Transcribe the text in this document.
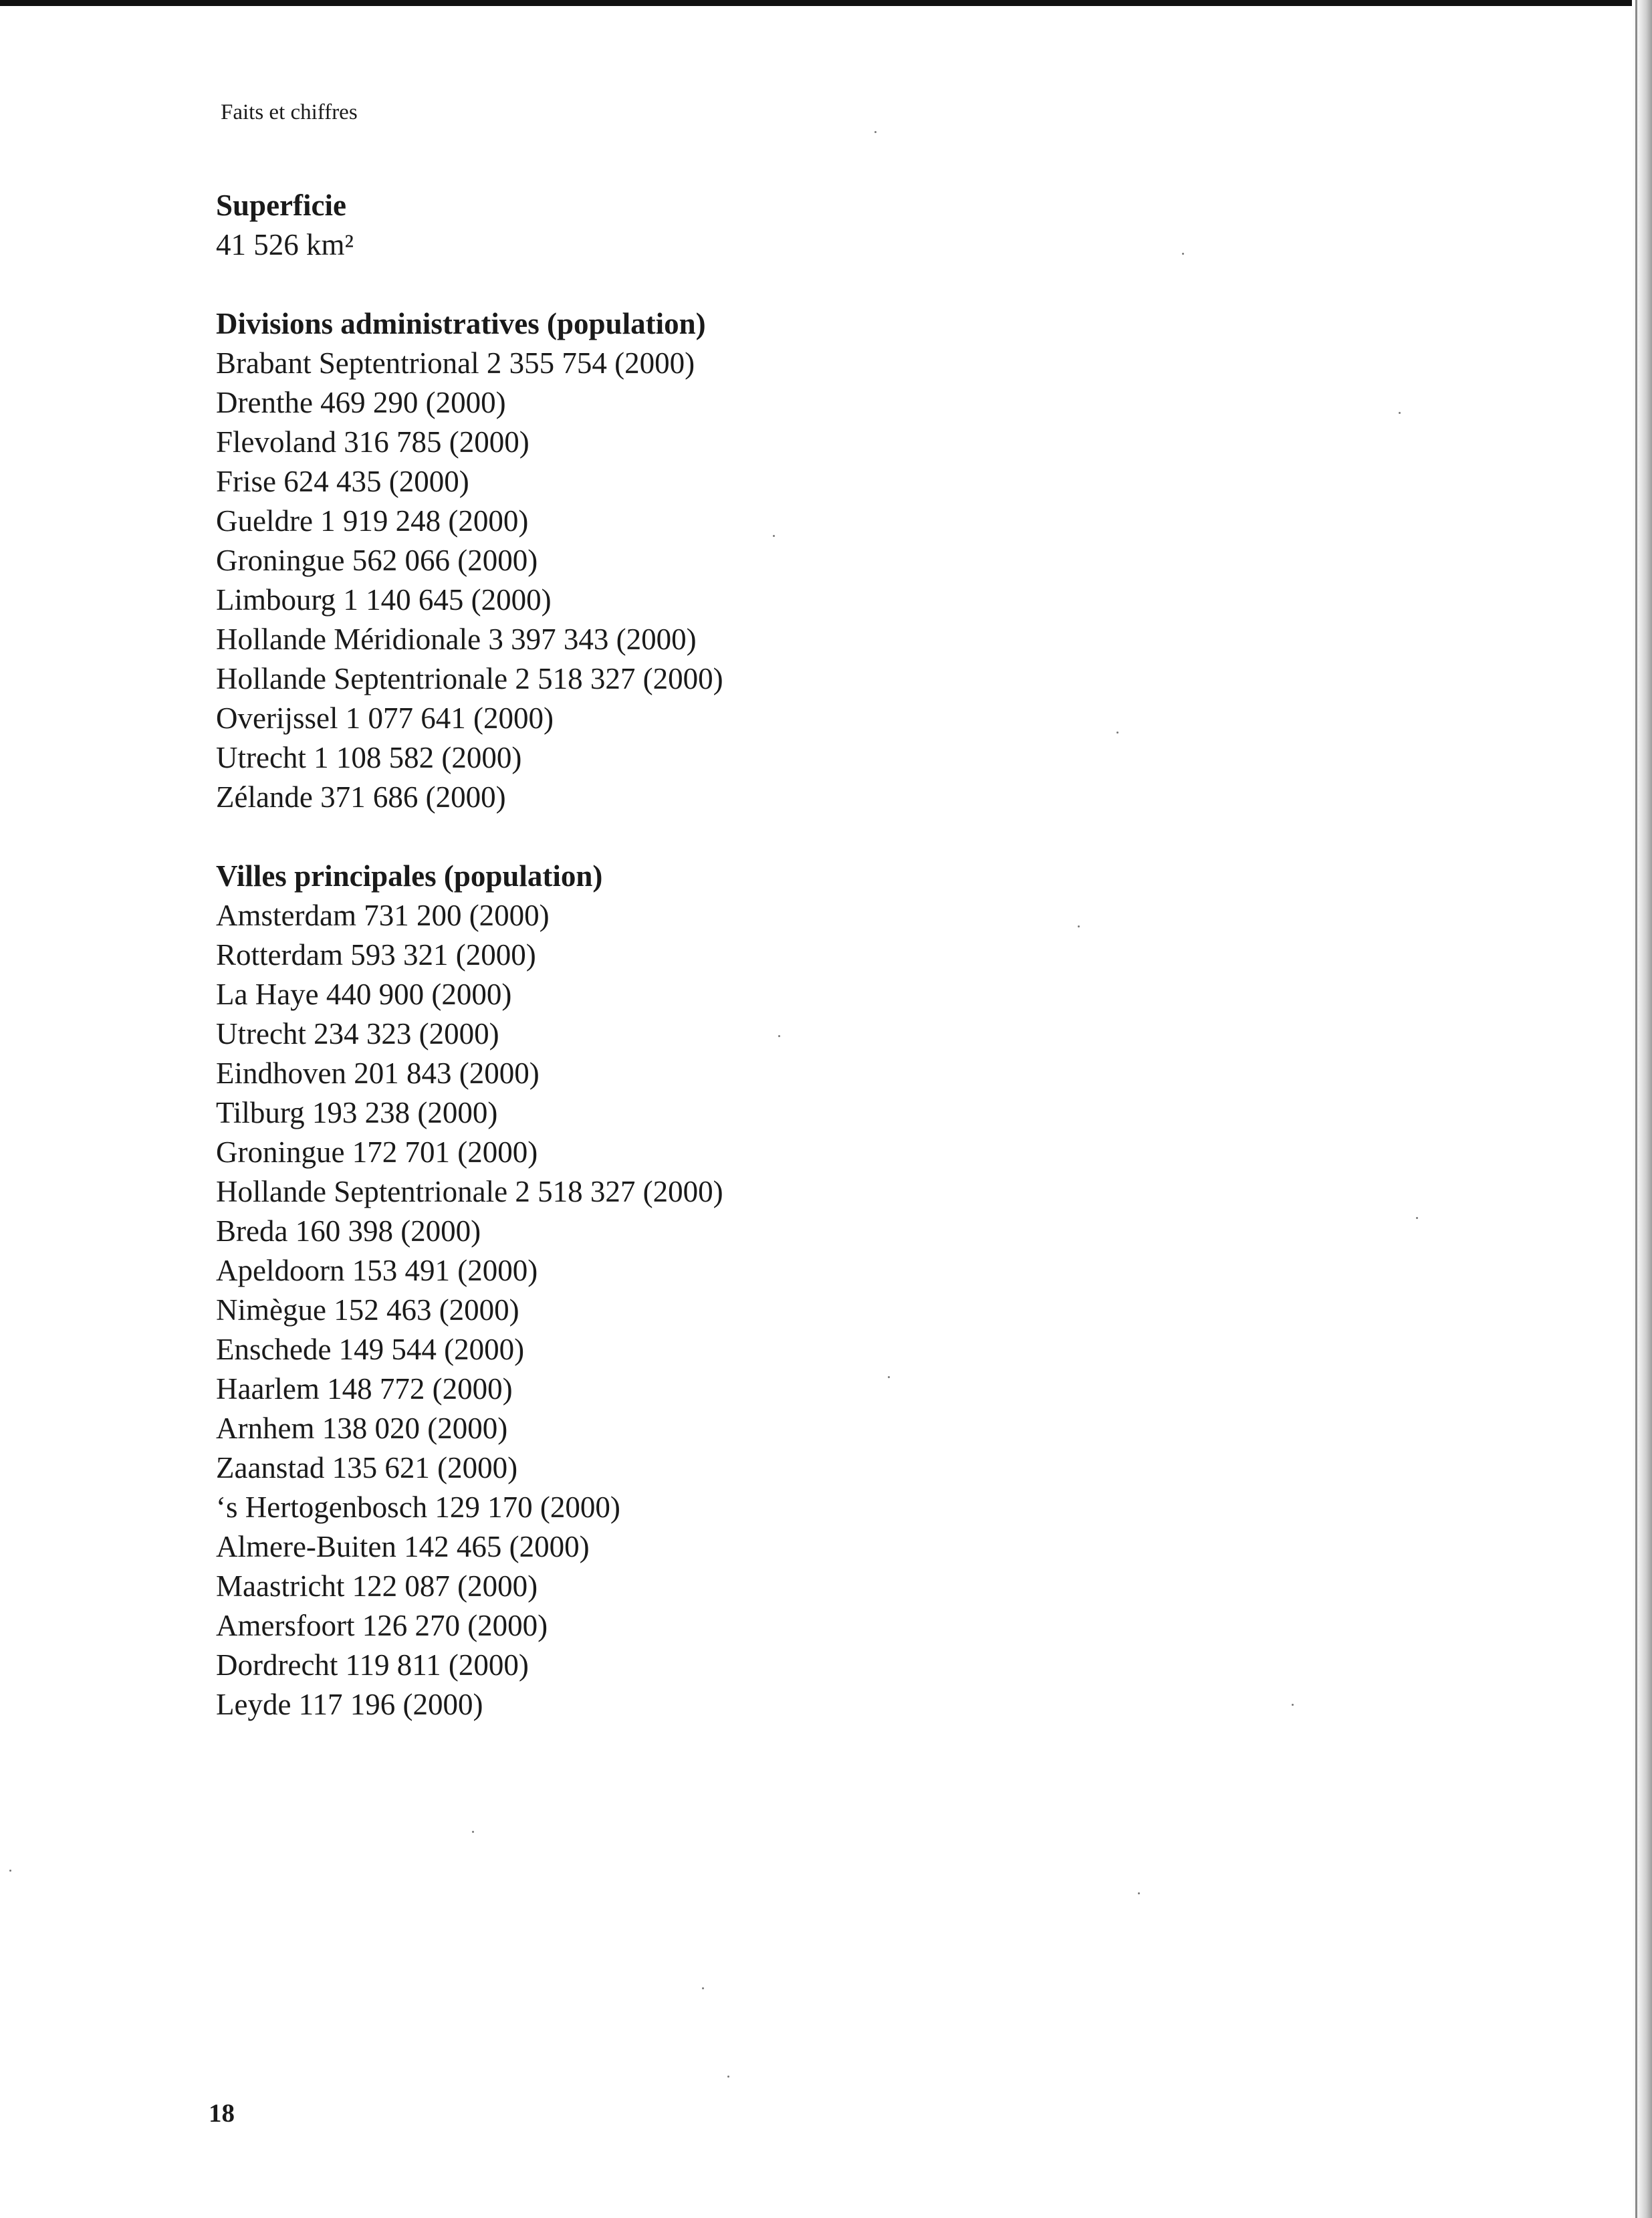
Faits et chiffres
Superficie
41 526 km²
Divisions administratives (population)
Brabant Septentrional 2 355 754 (2000)
Drenthe 469 290 (2000)
Flevoland 316 785 (2000)
Frise 624 435 (2000)
Gueldre 1 919 248 (2000)
Groningue 562 066 (2000)
Limbourg 1 140 645 (2000)
Hollande Méridionale 3 397 343 (2000)
Hollande Septentrionale 2 518 327 (2000)
Overijssel 1 077 641 (2000)
Utrecht 1 108 582 (2000)
Zélande 371 686 (2000)
Villes principales (population)
Amsterdam 731 200 (2000)
Rotterdam 593 321 (2000)
La Haye 440 900 (2000)
Utrecht 234 323 (2000)
Eindhoven 201 843 (2000)
Tilburg 193 238 (2000)
Groningue 172 701 (2000)
Hollande Septentrionale 2 518 327 (2000)
Breda 160 398 (2000)
Apeldoorn 153 491 (2000)
Nimègue 152 463 (2000)
Enschede 149 544 (2000)
Haarlem 148 772 (2000)
Arnhem 138 020 (2000)
Zaanstad 135 621 (2000)
‘s Hertogenbosch 129 170 (2000)
Almere-Buiten 142 465 (2000)
Maastricht 122 087 (2000)
Amersfoort 126 270 (2000)
Dordrecht 119 811 (2000)
Leyde 117 196 (2000)
18
